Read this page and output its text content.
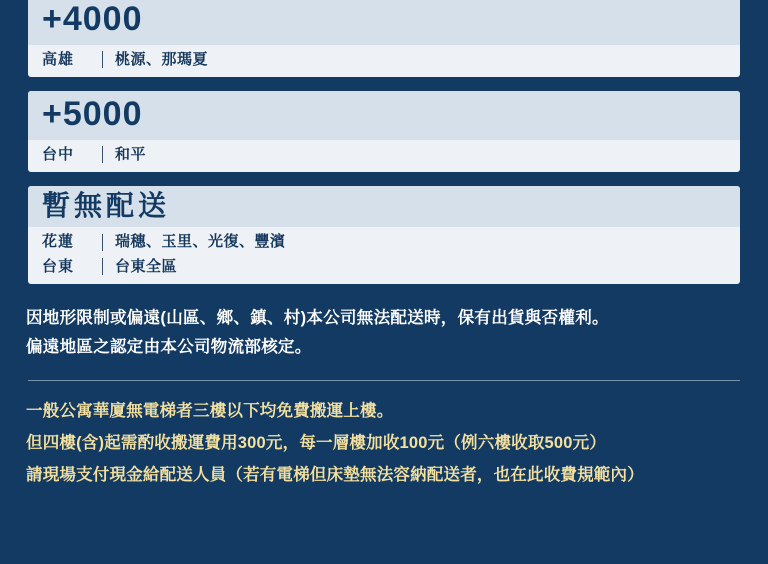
+4000
高雄	桃源、那瑪夏
+5000
台中	和平
暫無配送
花蓮	瑞穗、玉里、光復、豐濱
台東	台東全區
因地形限制或偏遠(山區、鄉、鎮、村)本公司無法配送時，保有出貨與否權利。
偏遠地區之認定由本公司物流部核定。
一般公寓華廈無電梯者三樓以下均免費搬運上樓。
但四樓(含)起需酌收搬運費用300元，每一層樓加收100元（例六樓收取500元）
請現場支付現金給配送人員（若有電梯但床墊無法容納配送者，也在此收費規範內）
